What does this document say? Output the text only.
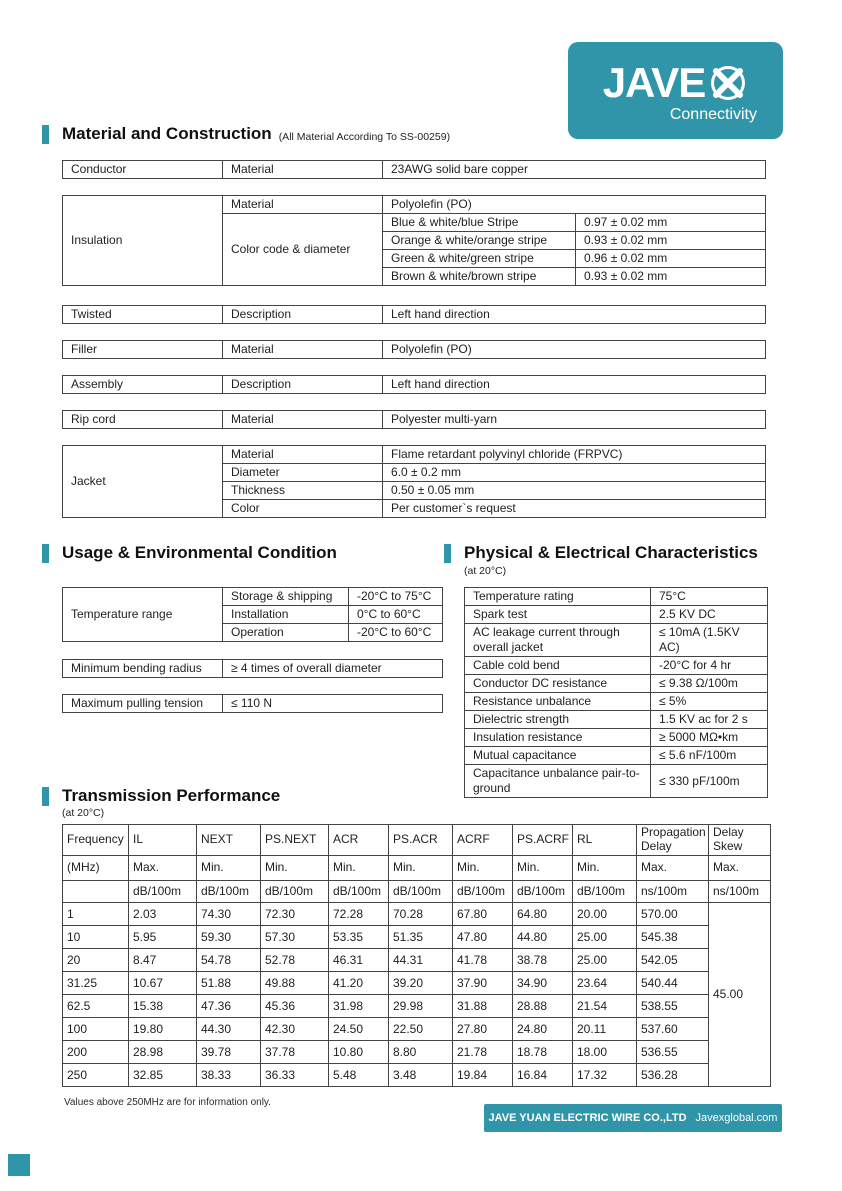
JAVE
Connectivity
Material and Construction (All Material According To SS-00259)
Conductor	Material	23AWG solid bare copper
Insulation	Material	Polyolefin (PO)	
	Color code & diameter	Blue & white/blue Stripe	0.97 ± 0.02 mm
		Orange & white/orange stripe	0.93 ± 0.02 mm
		Green & white/green stripe	0.96 ± 0.02 mm
		Brown & white/brown stripe	0.93 ± 0.02 mm
Twisted	Description	Left hand direction
Filler	Material	Polyolefin (PO)
Assembly	Description	Left hand direction
Rip cord	Material	Polyester multi-yarn
Jacket	Material	Flame retardant polyvinyl chloride (FRPVC)
	Diameter	6.0 ± 0.2 mm
	Thickness	0.50 ± 0.05 mm
	Color	Per customer`s request
Usage & Environmental Condition	Physical & Electrical Characteristics
(at 20°C)
Temperature range	Storage & shipping	-20°C to 75°C
	Installation	0°C to 60°C
	Operation	-20°C to 60°C
Minimum bending radius	≥ 4 times of overall diameter
Maximum pulling tension	≤ 110 N
Temperature rating	75°C
Spark test	2.5 KV DC
AC leakage current through overall jacket	≤ 10mA (1.5KV AC)
Cable cold bend	-20°C for 4 hr
Conductor DC resistance	≤ 9.38 Ω/100m
Resistance unbalance	≤ 5%
Dielectric strength	1.5 KV ac for 2 s
Insulation resistance	≥ 5000 MΩ•km
Mutual capacitance	≤ 5.6 nF/100m
Capacitance unbalance pair-to-ground	≤ 330 pF/100m
Transmission Performance
(at 20°C)
Frequency	IL	NEXT	PS.NEXT	ACR	PS.ACR	ACRF	PS.ACRF	RL	Propagation Delay	Delay Skew
(MHz)	Max.	Min.	Min.	Min.	Min.	Min.	Min.	Min.	Max.	Max.
	dB/100m	dB/100m	dB/100m	dB/100m	dB/100m	dB/100m	dB/100m	dB/100m	ns/100m	ns/100m
1	2.03	74.30	72.30	72.28	70.28	67.80	64.80	20.00	570.00	45.00
10	5.95	59.30	57.30	53.35	51.35	47.80	44.80	25.00	545.38	
20	8.47	54.78	52.78	46.31	44.31	41.78	38.78	25.00	542.05	
31.25	10.67	51.88	49.88	41.20	39.20	37.90	34.90	23.64	540.44	
62.5	15.38	47.36	45.36	31.98	29.98	31.88	28.88	21.54	538.55	
100	19.80	44.30	42.30	24.50	22.50	27.80	24.80	20.11	537.60	
200	28.98	39.78	37.78	10.80	8.80	21.78	18.78	18.00	536.55	
250	32.85	38.33	36.33	5.48	3.48	19.84	16.84	17.32	536.28	
Values above 250MHz are for information only.
JAVE YUAN ELECTRIC WIRE CO.,LTD Javexglobal.com
